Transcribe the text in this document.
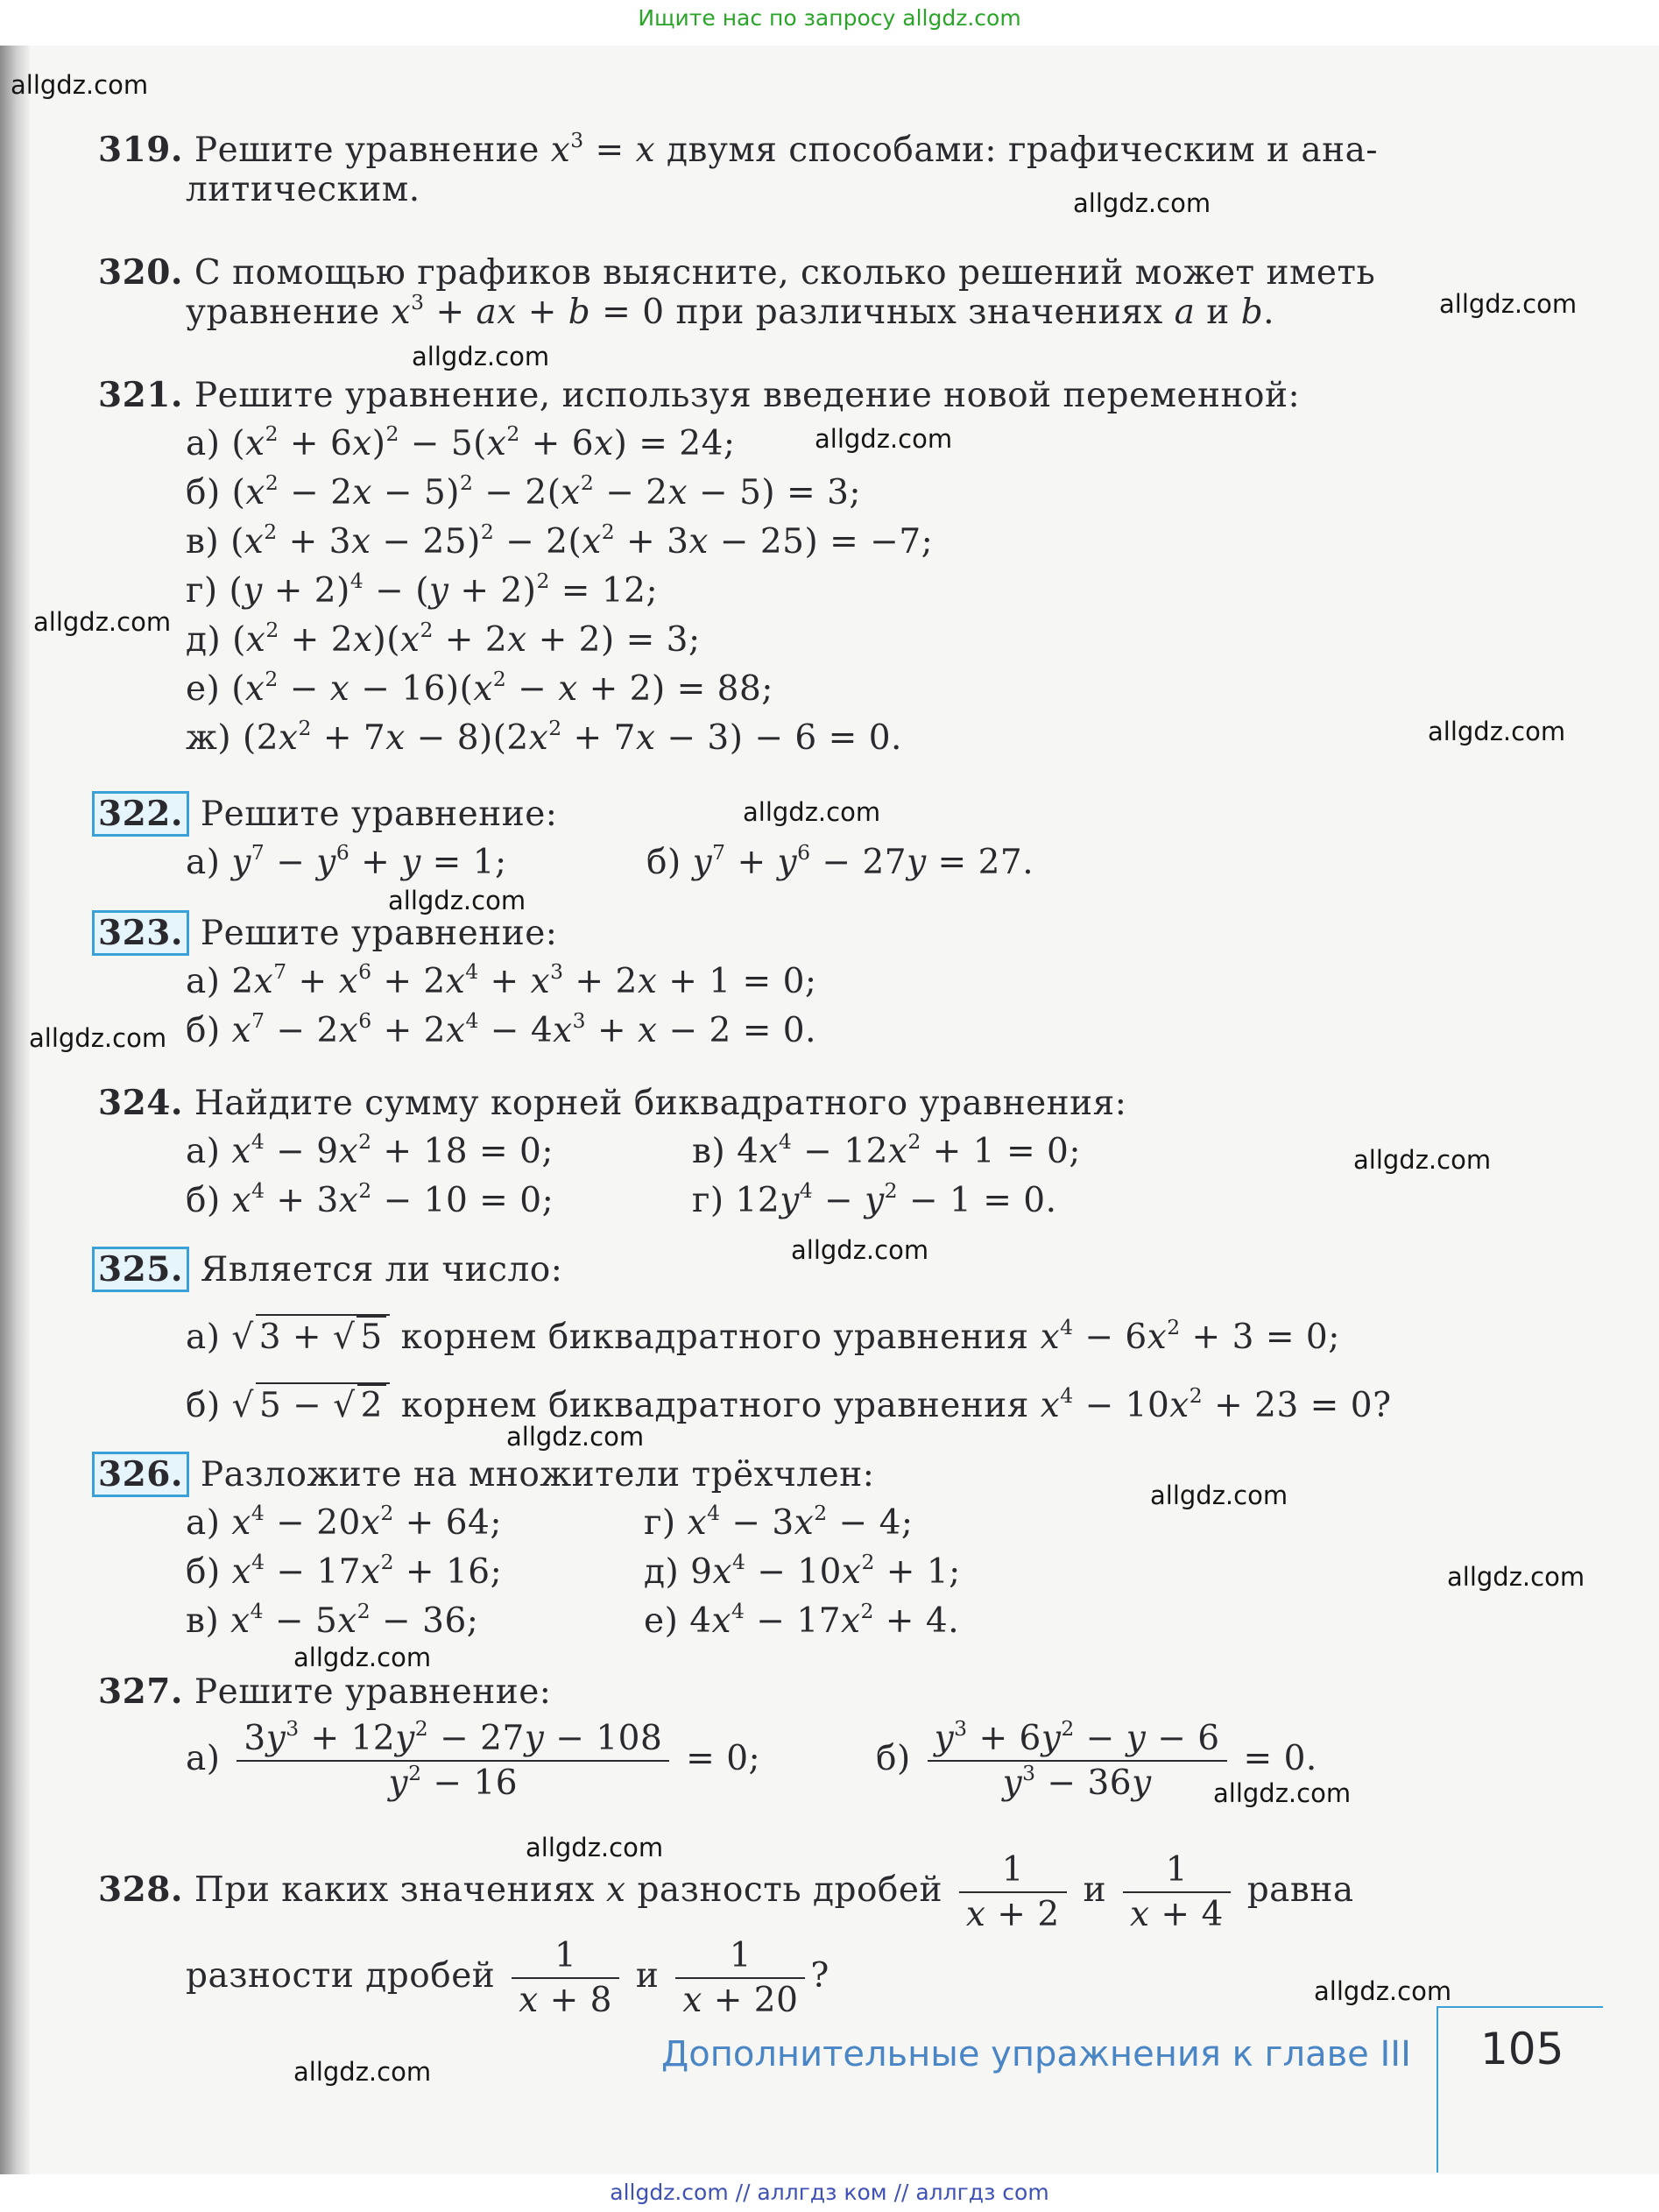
Ищите нас по запросу allgdz.com
allgdz.com
allgdz.com
allgdz.com
allgdz.com
allgdz.com
allgdz.com
allgdz.com
allgdz.com
allgdz.com
allgdz.com
allgdz.com
allgdz.com
allgdz.com
allgdz.com
allgdz.com
allgdz.com
allgdz.com
allgdz.com
allgdz.com
allgdz.com
319. Решите уравнение $x^3 = x$ двумя способами: графическим и ана-
литическим.
320. С помощью графиков выясните, сколько решений может иметь
уравнение $x^3$ + ax + b = 0 при различных значениях a и b.
321. Решите уравнение, используя введение новой переменной:
а) $(x^2 + 6x)^2 - 5(x^2 + 6x) = 24$;
б) $(x^2 - 2x - 5)^2 - 2(x^2 - 2x - 5) = 3$;
в) $(x^2 + 3x - 25)^2 - 2(x^2 + 3x - 25) = -7$;
г) $(y + 2)^4 - (y + 2)^2 = 12$;
д) $(x^2 + 2x)(x^2 + 2x + 2) = 3$;
е) $(x^2 - x - 16)(x^2 - x + 2) = 88$;
ж) $(2x^2 + 7x - 8)(2x^2 + 7x - 3) - 6 = 0$.
322. Решите уравнение:
а) $y^7 - y^6 + y = 1$;	б) $y^7 + y^6 - 27y = 27$.
323. Решите уравнение:
а) $2x^7 + x^6 + 2x^4 + x^3 + 2x + 1 = 0$;
б) $x^7 - 2x^6 + 2x^4 - 4x^3 + x - 2 = 0$.
324. Найдите сумму корней биквадратного уравнения:
а) $x^4 - 9x^2 + 18 = 0$;	в) $4x^4 - 12x^2 + 1 = 0$;
б) $x^4 + 3x^2 - 10 = 0$;	г) $12y^4 - y^2 - 1 = 0$.
325. Является ли число:
а) √ 3 + √ 5 корнем биквадратного уравнения $x^4 - 6x^2 + 3 = 0$;
б) √ 5 − √ 2 корнем биквадратного уравнения $x^4 - 10x^2 + 23 = 0$?
326. Разложите на множители трёхчлен:
а) $x^4 - 20x^2 + 64$;	г) $x^4 - 3x^2 - 4$;
б) $x^4 - 17x^2 + 16$;	д) $9x^4 - 10x^2 + 1$;
в) $x^4 - 5x^2 - 36$;	е) $4x^4 - 17x^2 + 4$.
327. Решите уравнение:
$а) \frac{3y^3 + 12y^2 - 27y - 108}{y^2 - 16} = 0$;	$б) \frac{y^3 + 6y^2 - y - 6}{y^3 - 36y} = 0$.
328. При каких значениях x разность дробей $\frac{1}{x + 2}$ и $\frac{1}{x + 4}$ равна
разности дробей $\frac{1}{x + 8}$ и $\frac{1}{x + 20}$ ?
Дополнительные упражнения к главе III 105
allgdz.com // аллгдз ком // аллгдз com
